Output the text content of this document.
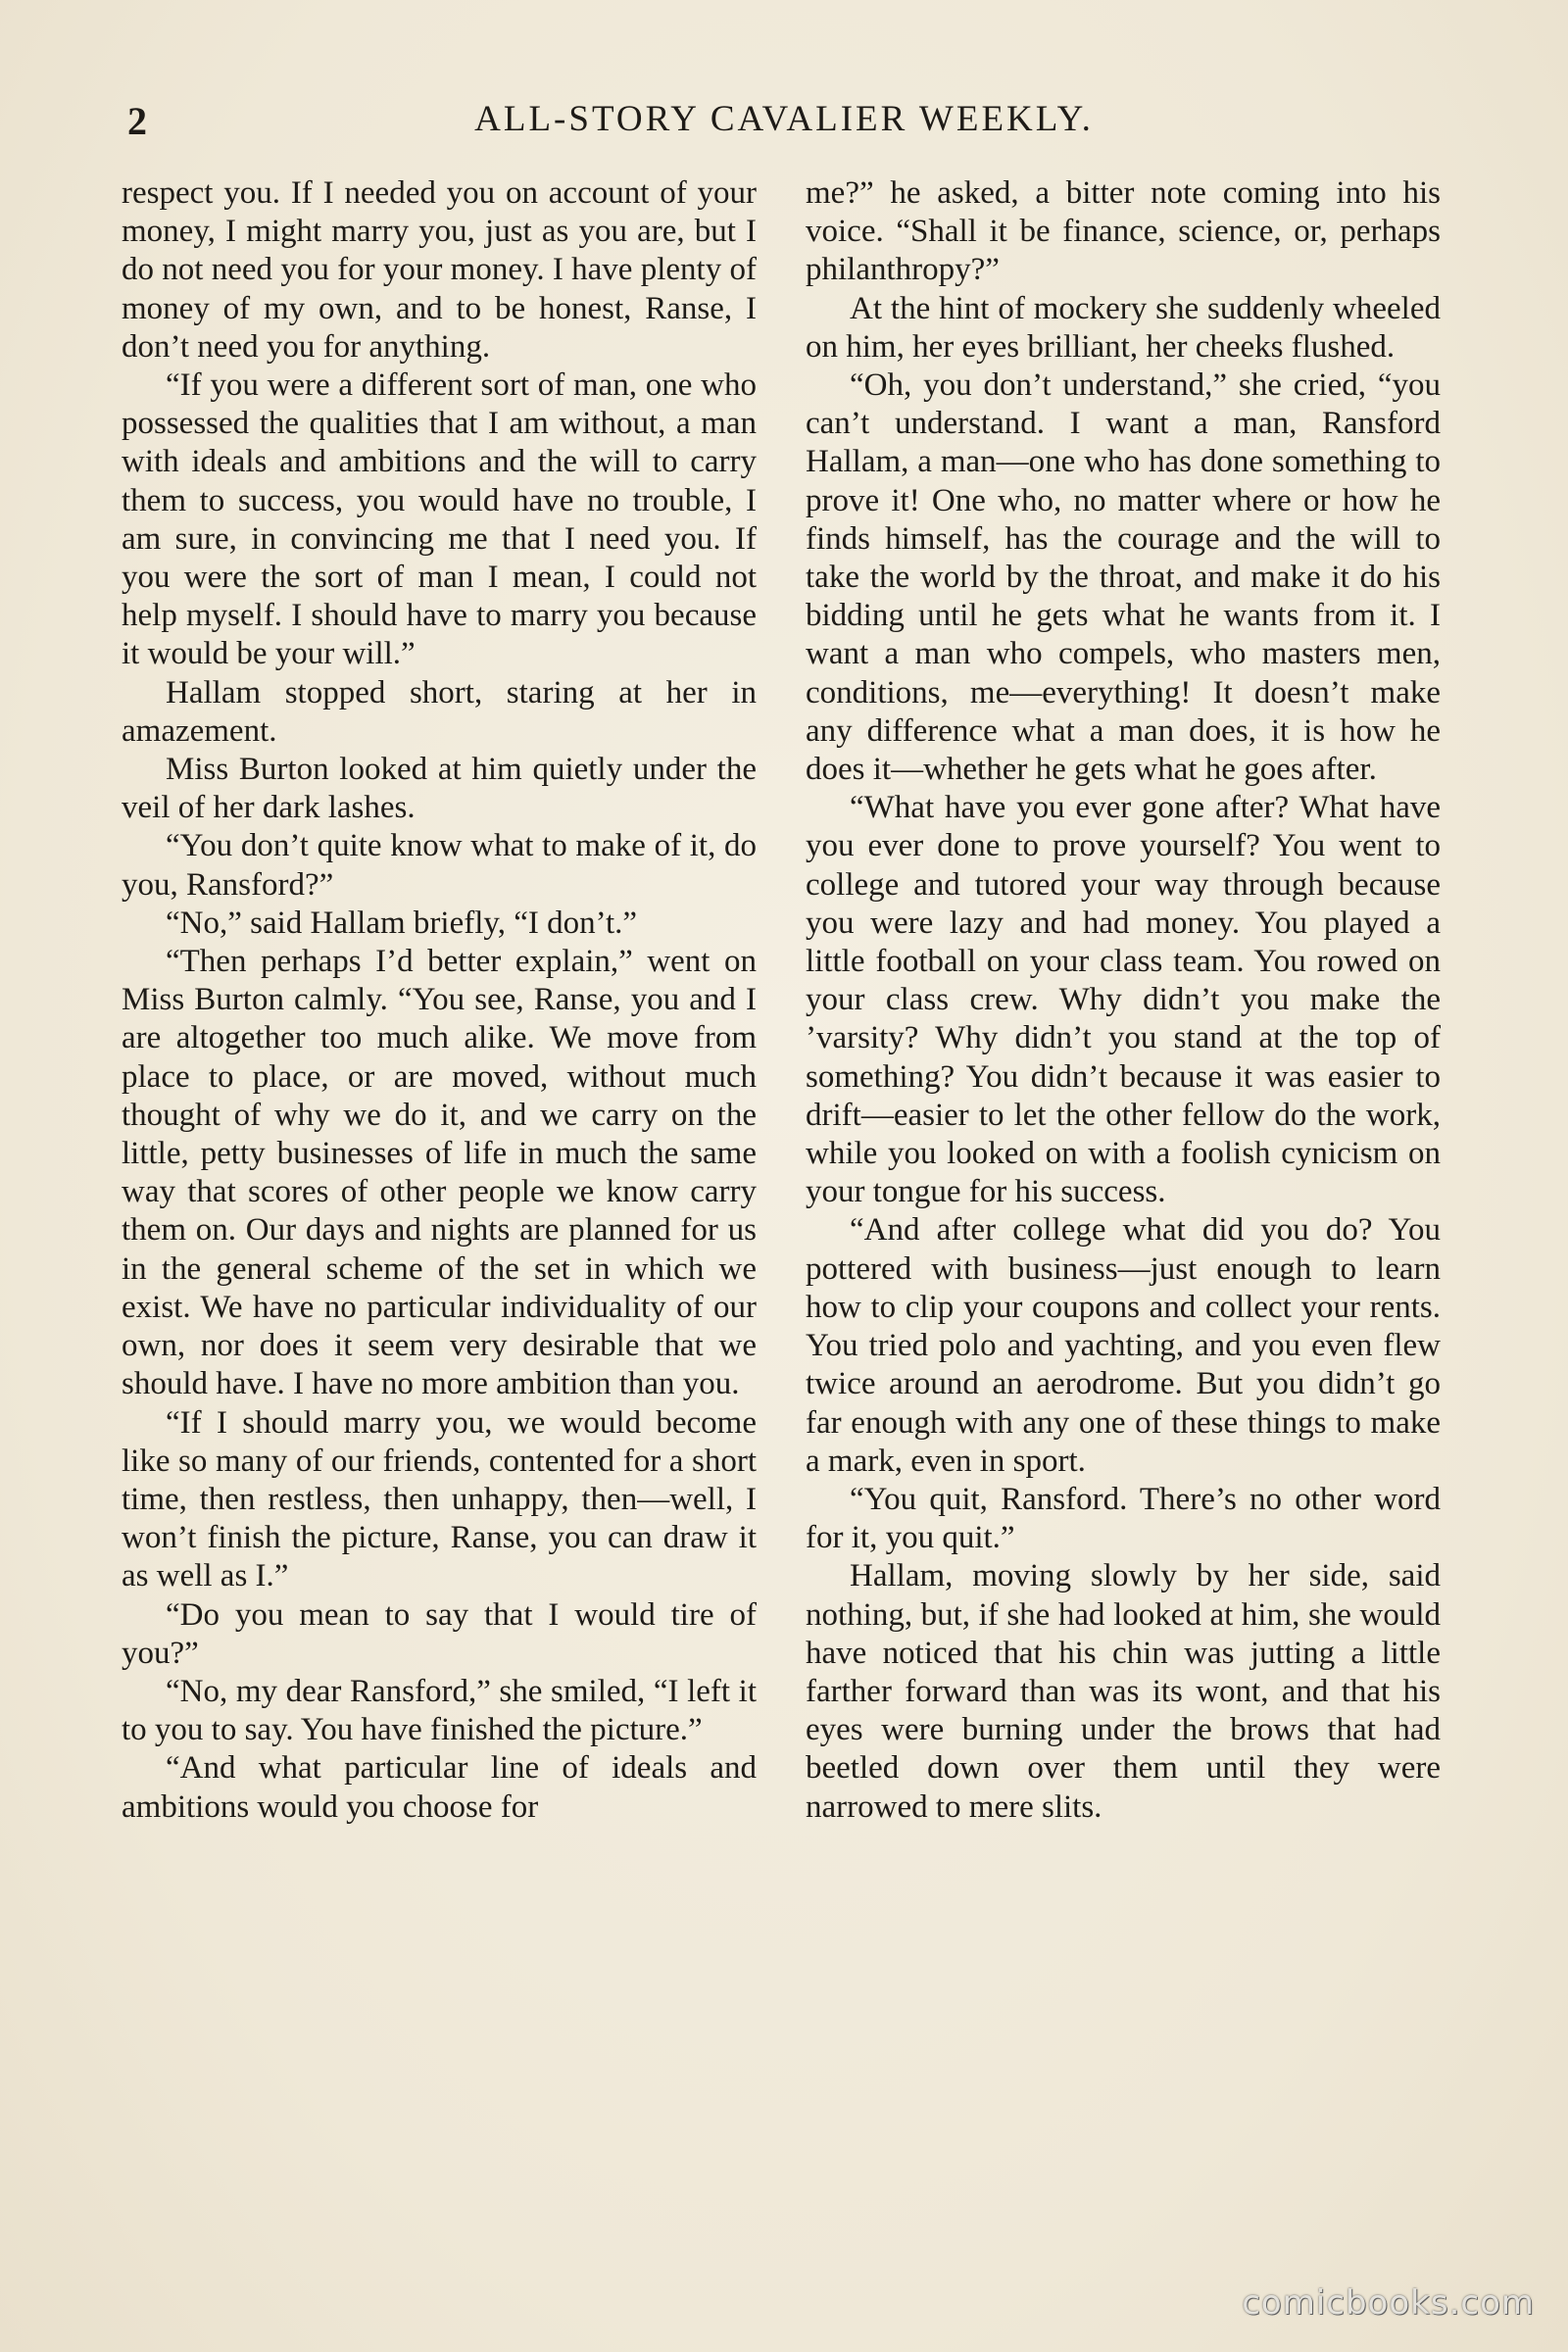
2	ALL-STORY CAVALIER WEEKLY.

respect you. If I needed you on account of your money, I might marry you, just as you are, but I do not need you for your money. I have plenty of money of my own, and to be honest, Ranse, I don’t need you for anything.

“If you were a different sort of man, one who possessed the qualities that I am without, a man with ideals and ambitions and the will to carry them to success, you would have no trouble, I am sure, in convincing me that I need you. If you were the sort of man I mean, I could not help myself. I should have to marry you because it would be your will.”

Hallam stopped short, staring at her in amazement.

Miss Burton looked at him quietly under the veil of her dark lashes.

“You don’t quite know what to make of it, do you, Ransford?”

“No,” said Hallam briefly, “I don’t.”

“Then perhaps I’d better explain,” went on Miss Burton calmly. “You see, Ranse, you and I are altogether too much alike. We move from place to place, or are moved, without much thought of why we do it, and we carry on the little, petty businesses of life in much the same way that scores of other people we know carry them on. Our days and nights are planned for us in the general scheme of the set in which we exist. We have no particular individuality of our own, nor does it seem very desirable that we should have. I have no more ambition than you.

“If I should marry you, we would become like so many of our friends, contented for a short time, then restless, then unhappy, then—well, I won’t finish the picture, Ranse, you can draw it as well as I.”

“Do you mean to say that I would tire of you?”

“No, my dear Ransford,” she smiled, “I left it to you to say. You have finished the picture.”

“And what particular line of ideals and ambitions would you choose for

me?” he asked, a bitter note coming into his voice. “Shall it be finance, science, or, perhaps philanthropy?”

At the hint of mockery she suddenly wheeled on him, her eyes brilliant, her cheeks flushed.

“Oh, you don’t understand,” she cried, “you can’t understand. I want a man, Ransford Hallam, a man—one who has done something to prove it! One who, no matter where or how he finds himself, has the courage and the will to take the world by the throat, and make it do his bidding until he gets what he wants from it. I want a man who compels, who masters men, conditions, me—everything! It doesn’t make any difference what a man does, it is how he does it—whether he gets what he goes after.

“What have you ever gone after? What have you ever done to prove yourself? You went to college and tutored your way through because you were lazy and had money. You played a little football on your class team. You rowed on your class crew. Why didn’t you make the ’varsity? Why didn’t you stand at the top of something? You didn’t because it was easier to drift—easier to let the other fellow do the work, while you looked on with a foolish cynicism on your tongue for his success.

“And after college what did you do? You pottered with business—just enough to learn how to clip your coupons and collect your rents. You tried polo and yachting, and you even flew twice around an aerodrome. But you didn’t go far enough with any one of these things to make a mark, even in sport.

“You quit, Ransford. There’s no other word for it, you quit.”

Hallam, moving slowly by her side, said nothing, but, if she had looked at him, she would have noticed that his chin was jutting a little farther forward than was its wont, and that his eyes were burning under the brows that had beetled down over them until they were narrowed to mere slits.

comicbooks.com
